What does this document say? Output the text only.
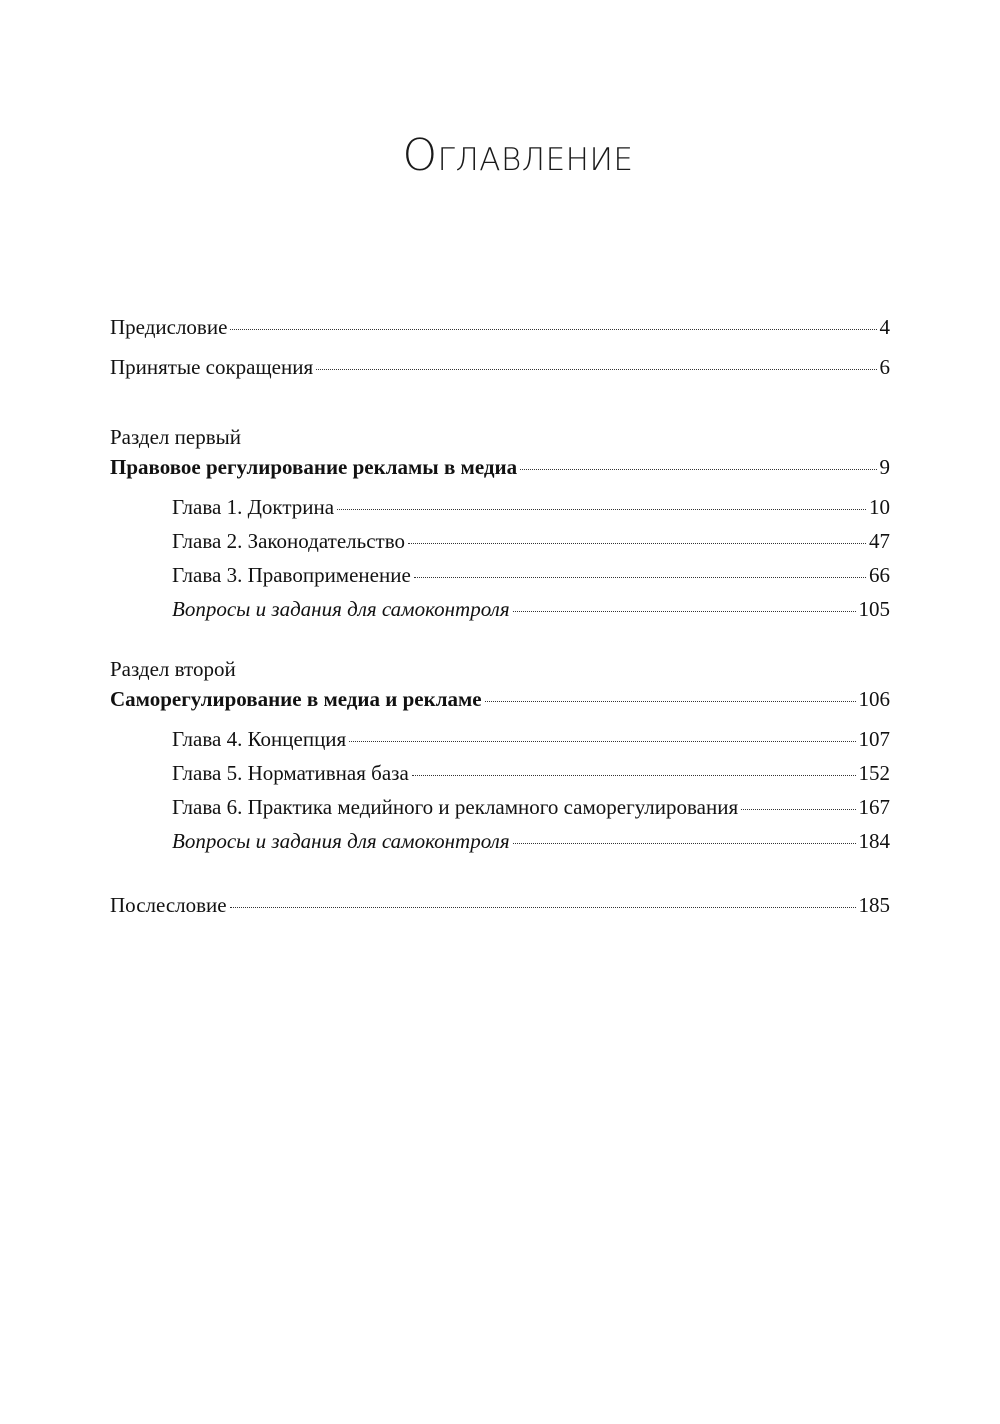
ОГЛАВЛЕНИЕ
Предисловие	4
Принятые сокращения	6
Раздел первый
Правовое регулирование рекламы в медиа	9
Глава 1. Доктрина	10
Глава 2. Законодательство	47
Глава 3. Правоприменение	66
Вопросы и задания для самоконтроля	105
Раздел второй
Саморегулирование в медиа и рекламе	106
Глава 4. Концепция	107
Глава 5. Нормативная база	152
Глава 6. Практика медийного и рекламного саморегулирования	167
Вопросы и задания для самоконтроля	184
Послесловие	185
